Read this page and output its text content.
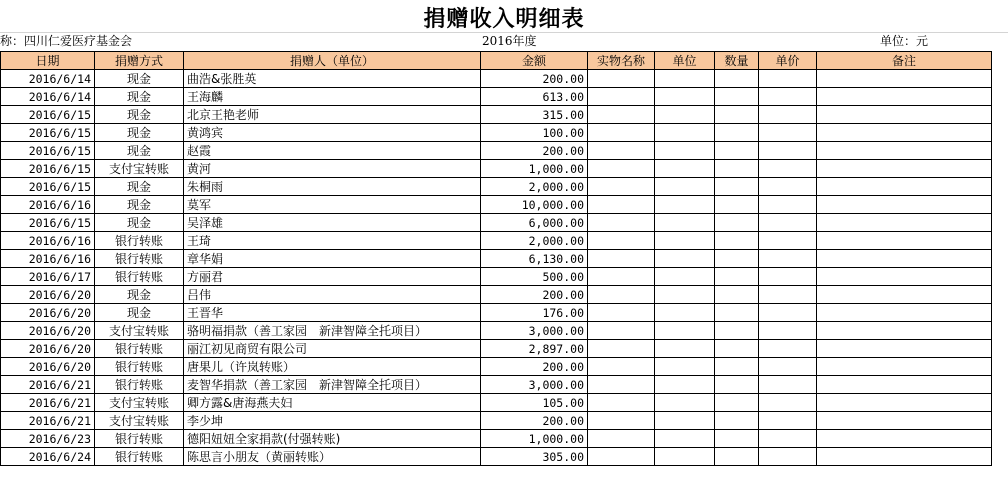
捐赠收入明细表
称：四川仁爱医疗基金会	2016年度	单位：元
日期	捐赠方式	捐赠人（单位）	金额	实物名称	单位	数量	单价	备注
2016/6/14	现金	曲浩&张胜英	200.00					
2016/6/14	现金	王海麟	613.00					
2016/6/15	现金	北京王艳老师	315.00					
2016/6/15	现金	黄鸿宾	100.00					
2016/6/15	现金	赵霞	200.00					
2016/6/15	支付宝转账	黄河	1,000.00					
2016/6/15	现金	朱桐雨	2,000.00					
2016/6/16	现金	莫军	10,000.00					
2016/6/15	现金	吴泽雄	6,000.00					
2016/6/16	银行转账	王琦	2,000.00					
2016/6/16	银行转账	章华娟	6,130.00					
2016/6/17	银行转账	方丽君	500.00					
2016/6/20	现金	吕伟	200.00					
2016/6/20	现金	王晋华	176.00					
2016/6/20	支付宝转账	骆明福捐款（善工家园　新津智障全托项目）	3,000.00					
2016/6/20	银行转账	丽江初见商贸有限公司	2,897.00					
2016/6/20	银行转账	唐果儿（许岚转账）	200.00					
2016/6/21	银行转账	麦智华捐款（善工家园　新津智障全托项目）	3,000.00					
2016/6/21	支付宝转账	卿方露&唐海燕夫妇	105.00					
2016/6/21	支付宝转账	李少坤	200.00					
2016/6/23	银行转账	德阳妞妞全家捐款(付强转账)	1,000.00					
2016/6/24	银行转账	陈思言小朋友（黄丽转账）	305.00					
